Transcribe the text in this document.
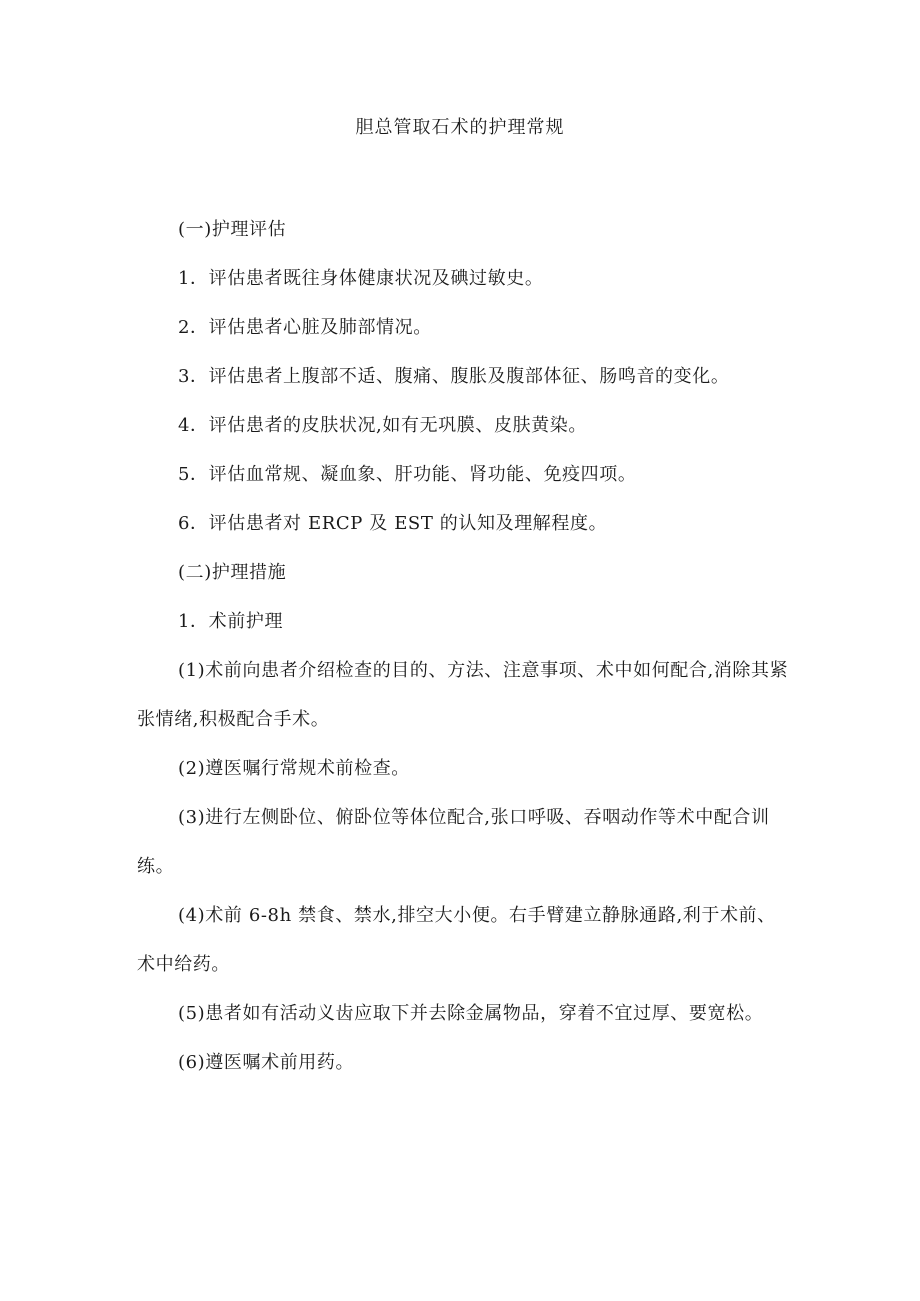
胆总管取石术的护理常规

(一)护理评估

1．评估患者既往身体健康状况及碘过敏史。

2．评估患者心脏及肺部情况。

3．评估患者上腹部不适、腹痛、腹胀及腹部体征、肠鸣音的变化。

4．评估患者的皮肤状况,如有无巩膜、皮肤黄染。

5．评估血常规、凝血象、肝功能、肾功能、免疫四项。

6．评估患者对 ERCP 及 EST 的认知及理解程度。

(二)护理措施

1．术前护理

(1)术前向患者介绍检查的目的、方法、注意事项、术中如何配合,消除其紧张情绪,积极配合手术。

(2)遵医嘱行常规术前检查。

(3)进行左侧卧位、俯卧位等体位配合,张口呼吸、吞咽动作等术中配合训练。

(4)术前 6-8h 禁食、禁水,排空大小便。右手臂建立静脉通路,利于术前、术中给药。

(5)患者如有活动义齿应取下并去除金属物品，穿着不宜过厚、要宽松。

(6)遵医嘱术前用药。
